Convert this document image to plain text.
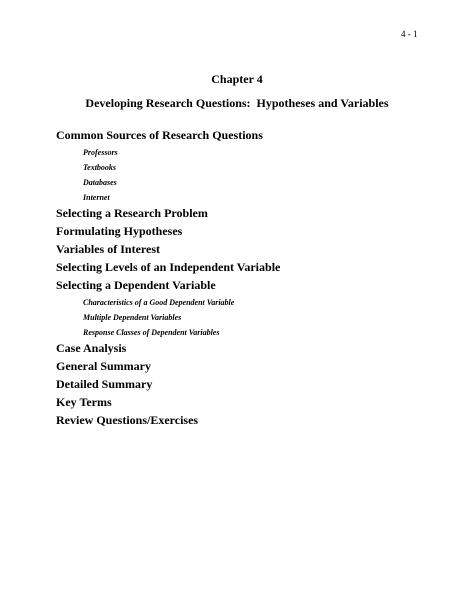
4 - 1
Chapter 4
Developing Research Questions:  Hypotheses and Variables
Common Sources of Research Questions
Professors
Textbooks
Databases
Internet
Selecting a Research Problem
Formulating Hypotheses
Variables of Interest
Selecting Levels of an Independent Variable
Selecting a Dependent Variable
Characteristics of a Good Dependent Variable
Multiple Dependent Variables
Response Classes of Dependent Variables
Case Analysis
General Summary
Detailed Summary
Key Terms
Review Questions/Exercises
